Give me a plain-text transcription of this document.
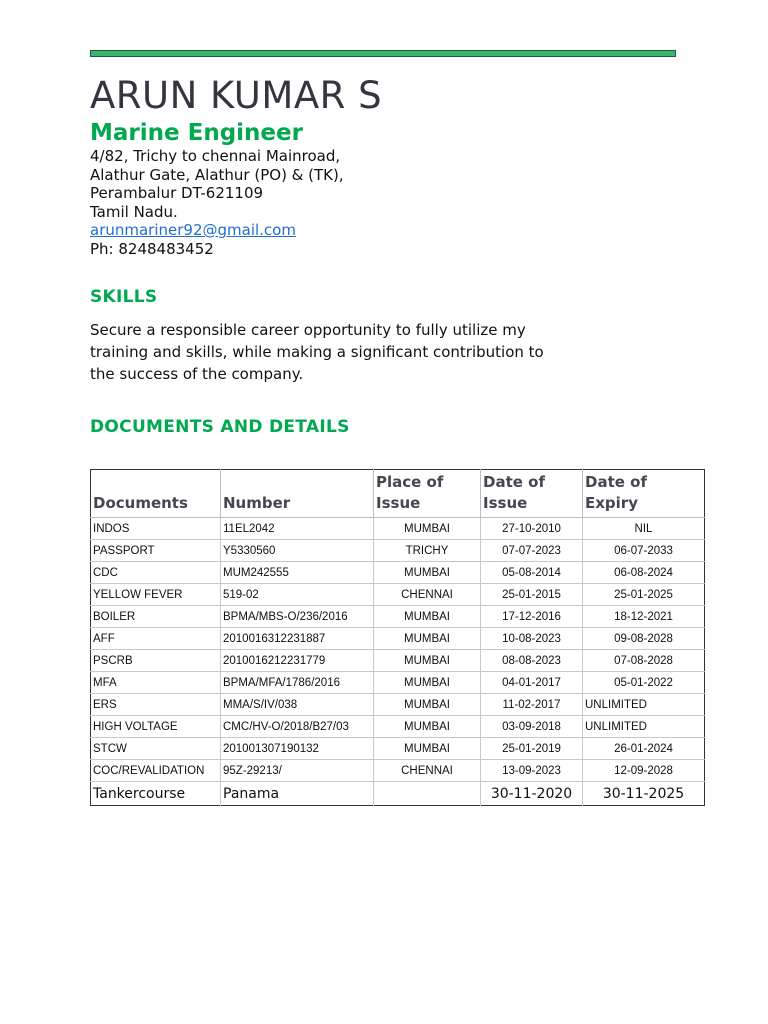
ARUN KUMAR S
Marine Engineer
4/82, Trichy to chennai Mainroad,
Alathur Gate, Alathur (PO) & (TK),
Perambalur DT-621109
Tamil Nadu.
arunmariner92@gmail.com
Ph: 8248483452
SKILLS

Secure a responsible career opportunity to fully utilize my training and skills, while making a significant contribution to the success of the company.

DOCUMENTS AND DETAILS
Documents	Number	Place of Issue	Date of Issue	Date of Expiry
INDOS	11EL2042	MUMBAI	27-10-2010	NIL
PASSPORT	Y5330560	TRICHY	07-07-2023	06-07-2033
CDC	MUM242555	MUMBAI	05-08-2014	06-08-2024
YELLOW FEVER	519-02	CHENNAI	25-01-2015	25-01-2025
BOILER	BPMA/MBS-O/236/2016	MUMBAI	17-12-2016	18-12-2021
AFF	2010016312231887	MUMBAI	10-08-2023	09-08-2028
PSCRB	2010016212231779	MUMBAI	08-08-2023	07-08-2028
MFA	BPMA/MFA/1786/2016	MUMBAI	04-01-2017	05-01-2022
ERS	MMA/S/IV/038	MUMBAI	11-02-2017	UNLIMITED
HIGH VOLTAGE	CMC/HV-O/2018/B27/03	MUMBAI	03-09-2018	UNLIMITED
STCW	201001307190132	MUMBAI	25-01-2019	26-01-2024
COC/REVALIDATION	95Z-29213/	CHENNAI	13-09-2023	12-09-2028
Tankercourse	Panama		30-11-2020	30-11-2025
